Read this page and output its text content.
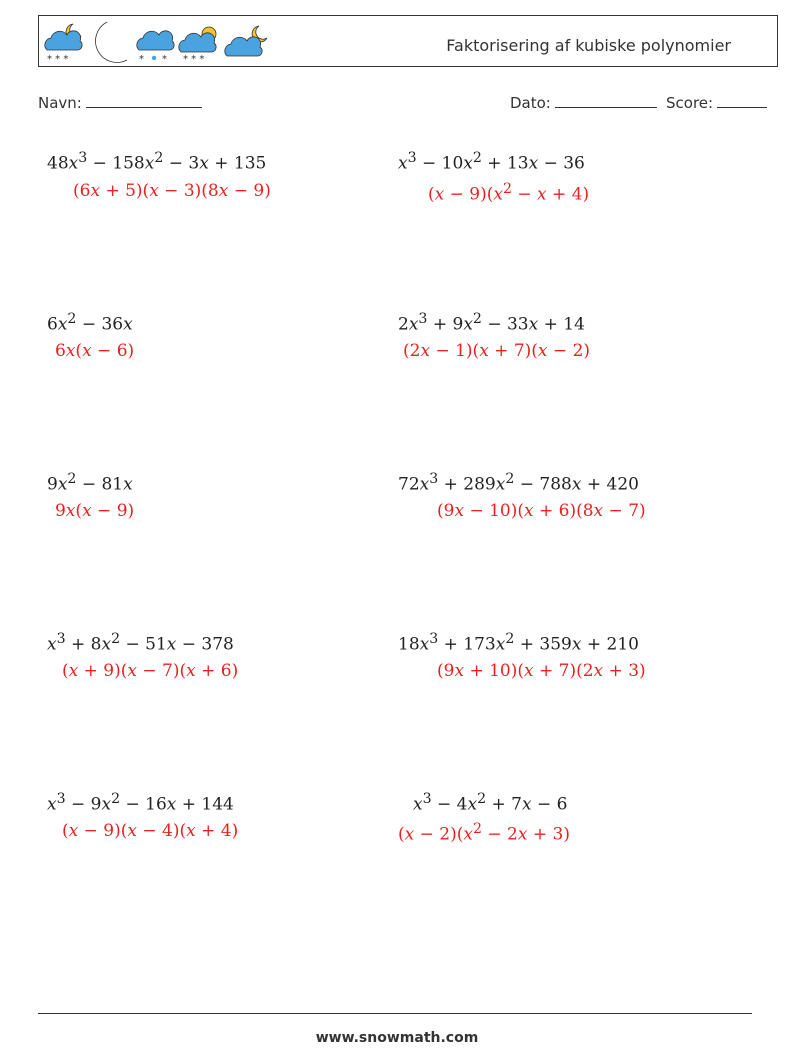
* * *	* * * * *
Faktorisering af kubiske polynomier
Navn:	Dato:	Score:
$48x^3 - 158x^2 - 3x + 135$
(6x + 5)(x − 3)(8x − 9)
$6x^2 - 36x$
6x(x − 6)
$9x^2 - 81x$
9x(x − 9)
$x^3 + 8x^2 - 51x - 378$
(x + 9)(x − 7)(x + 6)
$x^3 - 9x^2 - 16x + 144$
(x − 9)(x − 4)(x + 4)
$x^3 - 10x^2 + 13x - 36$
$(x - 9)(x^2 - x + 4)$
$2x^3 + 9x^2 - 33x + 14$
(2x − 1)(x + 7)(x − 2)
$72x^3 + 289x^2 - 788x + 420$
(9x − 10)(x + 6)(8x − 7)
$18x^3 + 173x^2 + 359x + 210$
(9x + 10)(x + 7)(2x + 3)
$x^3 - 4x^2 + 7x - 6$
$(x - 2)(x^2 - 2x + 3)$
www.snowmath.com
